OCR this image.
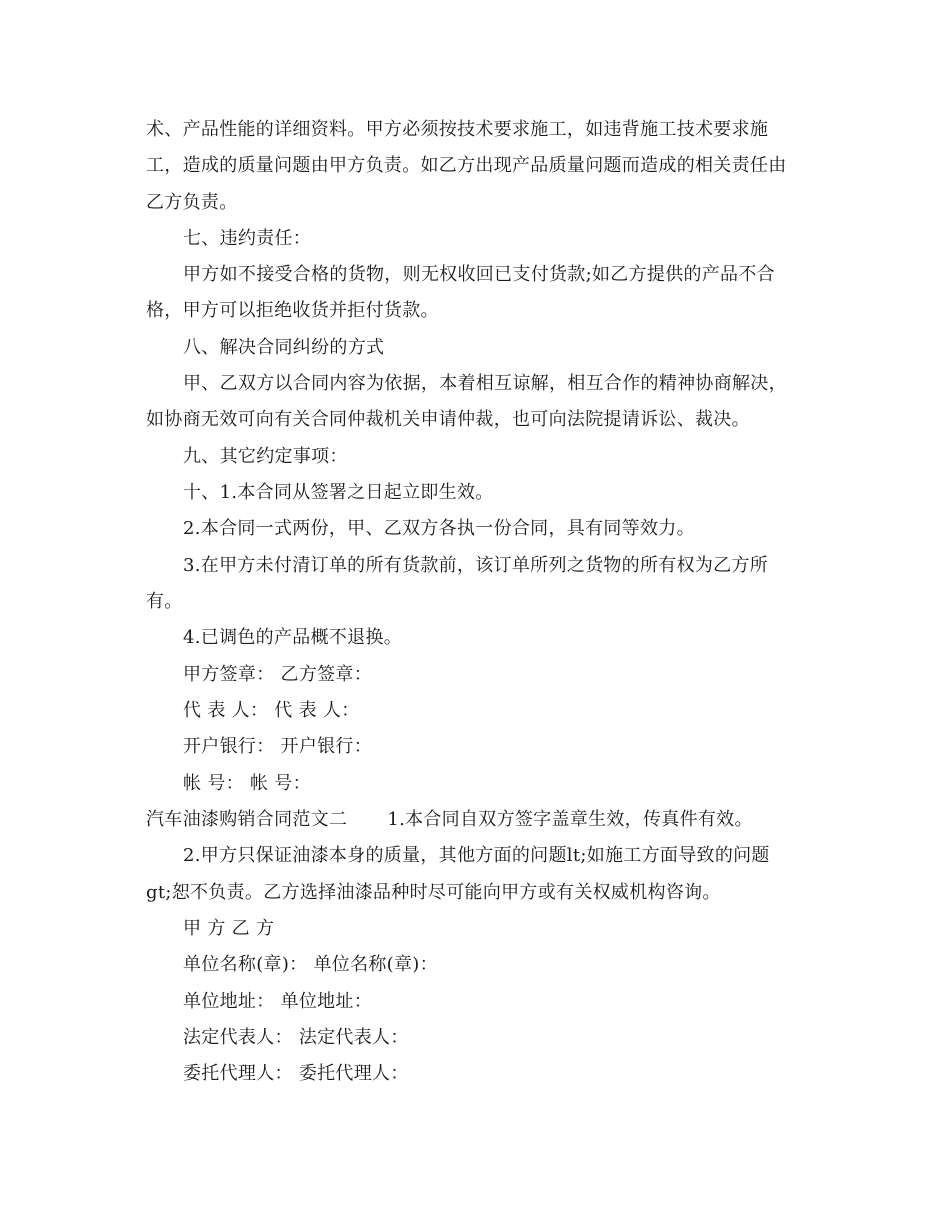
术、产品性能的详细资料。甲方必须按技术要求施工，如违背施工技术要求施
工，造成的质量问题由甲方负责。如乙方出现产品质量问题而造成的相关责任由
乙方负责。
七、违约责任：
甲方如不接受合格的货物，则无权收回已支付货款;如乙方提供的产品不合
格，甲方可以拒绝收货并拒付货款。
八、解决合同纠纷的方式
甲、乙双方以合同内容为依据，本着相互谅解，相互合作的精神协商解决，
如协商无效可向有关合同仲裁机关申请仲裁，也可向法院提请诉讼、裁决。
九、其它约定事项：
十、1.本合同从签署之日起立即生效。
2.本合同一式两份，甲、乙双方各执一份合同，具有同等效力。
3.在甲方未付清订单的所有货款前，该订单所列之货物的所有权为乙方所
有。
4.已调色的产品概不退换。
甲方签章： 乙方签章：
代 表 人： 代 表 人：
开户银行： 开户银行：
帐 号： 帐 号：
汽车油漆购销合同范文二 1.本合同自双方签字盖章生效，传真件有效。
2.甲方只保证油漆本身的质量，其他方面的问题lt;如施工方面导致的问题
gt;恕不负责。乙方选择油漆品种时尽可能向甲方或有关权威机构咨询。
甲 方 乙 方
单位名称(章)： 单位名称(章)：
单位地址： 单位地址：
法定代表人： 法定代表人：
委托代理人： 委托代理人：
